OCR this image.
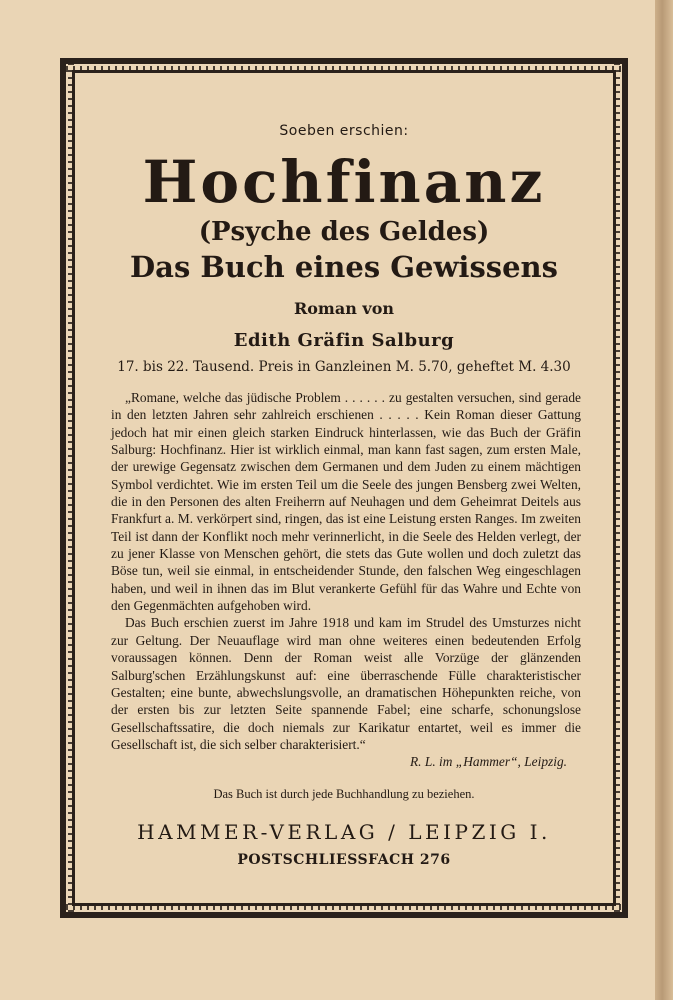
Soeben erschien:
Hochfinanz
(Psyche des Geldes)
Das Buch eines Gewissens
Roman von
Edith Gräfin Salburg
17. bis 22. Tausend. Preis in Ganzleinen M. 5.70, geheftet M. 4.30

„Romane, welche das jüdische Problem . . . . . . zu gestalten versuchen, sind gerade in den letzten Jahren sehr zahlreich erschienen . . . . . Kein Roman dieser Gattung jedoch hat mir einen gleich starken Eindruck hinterlassen, wie das Buch der Gräfin Salburg: Hochfinanz. Hier ist wirklich einmal, man kann fast sagen, zum ersten Male, der urewige Gegensatz zwischen dem Germanen und dem Juden zu einem mächtigen Symbol verdichtet. Wie im ersten Teil um die Seele des jungen Bensberg zwei Welten, die in den Personen des alten Freiherrn auf Neuhagen und dem Geheimrat Deitels aus Frankfurt a. M. verkörpert sind, ringen, das ist eine Leistung ersten Ranges. Im zweiten Teil ist dann der Konflikt noch mehr verinnerlicht, in die Seele des Helden verlegt, der zu jener Klasse von Menschen gehört, die stets das Gute wollen und doch zuletzt das Böse tun, weil sie einmal, in entscheidender Stunde, den falschen Weg eingeschlagen haben, und weil in ihnen das im Blut verankerte Gefühl für das Wahre und Echte von den Gegenmächten aufgehoben wird.

Das Buch erschien zuerst im Jahre 1918 und kam im Strudel des Umsturzes nicht zur Geltung. Der Neuauflage wird man ohne weiteres einen bedeutenden Erfolg voraussagen können. Denn der Roman weist alle Vorzüge der glänzenden Salburg'schen Erzählungskunst auf: eine überraschende Fülle charakteristischer Gestalten; eine bunte, abwechslungsvolle, an dramatischen Höhepunkten reiche, von der ersten bis zur letzten Seite spannende Fabel; eine scharfe, schonungslose Gesellschaftssatire, die doch niemals zur Karikatur entartet, weil es immer die Gesellschaft ist, die sich selber charakterisiert.“

R. L. im „Hammer“, Leipzig.
Das Buch ist durch jede Buchhandlung zu beziehen.
HAMMER-VERLAG / LEIPZIG I.
POSTSCHLIESSFACH 276
